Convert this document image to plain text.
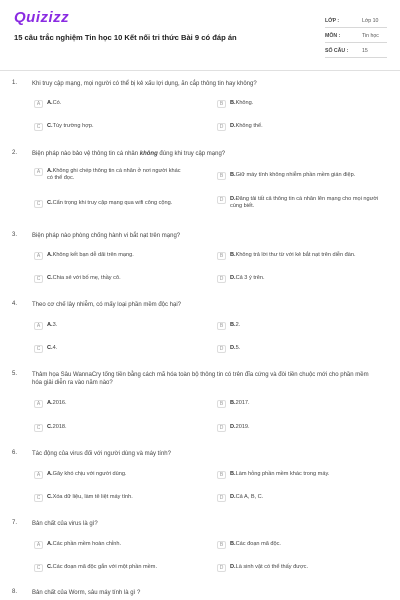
Quizizz
15 câu trắc nghiệm Tin học 10 Kết nối tri thức Bài 9 có đáp án
LỚP :	Lớp 10
MÔN :	Tin học
SỐ CÂU :	15
1. Khi truy cập mạng, mọi người có thể bị kẻ xấu lợi dụng, ăn cắp thông tin hay không?
A	A.Có.	B	B.Không.
C	C.Tùy trường hợp.	D	D.Không thể.
2. Biện pháp nào bảo vệ thông tin cá nhân không đúng khi truy cập mạng?
A	A.Không ghi chép thông tin cá nhân ở nơi người khác có thể đọc.	B	B.Giữ máy tính không nhiễm phần mềm gián điệp.
C	C.Cẩn trọng khi truy cập mạng qua wifi công cộng.	D	D.Đăng tải tất cả thông tin cá nhân lên mạng cho mọi người cùng biết.
3. Biện pháp nào phòng chống hành vi bắt nạt trên mạng?
A	A.Không kết bạn dễ dãi trên mạng.	B	B.Không trả lời thư từ với kẻ bắt nạt trên diễn đàn.
C	C.Chia sẻ với bố mẹ, thầy cô.	D	D.Cả 3 ý trên.
4. Theo cơ chế lây nhiễm, có mấy loại phần mềm độc hại?
A	A.3.	B	B.2.
C	C.4.	D	D.5.
5. Thảm họa Sâu WannaCry tống tiền bằng cách mã hóa toàn bộ thông tin có trên đĩa cứng và đòi tiền chuộc mới cho phần mềm hóa giải diễn ra vào năm nào?
A	A.2016.	B	B.2017.
C	C.2018.	D	D.2019.
6. Tác động của virus đối với người dùng và máy tính?
A	A.Gây khó chịu với người dùng.	B	B.Làm hỏng phần mềm khác trong máy.
C	C.Xóa dữ liệu, làm tê liệt máy tính.	D	D.Cả A, B, C.
7. Bản chất của virus là gì?
A	A.Các phần mềm hoàn chỉnh.	B	B.Các đoạn mã độc.
C	C.Các đoạn mã độc gắn với một phần mềm.	D	D.Là sinh vật có thể thấy được.
8. Bản chất của Worm, sâu máy tính là gì ?
